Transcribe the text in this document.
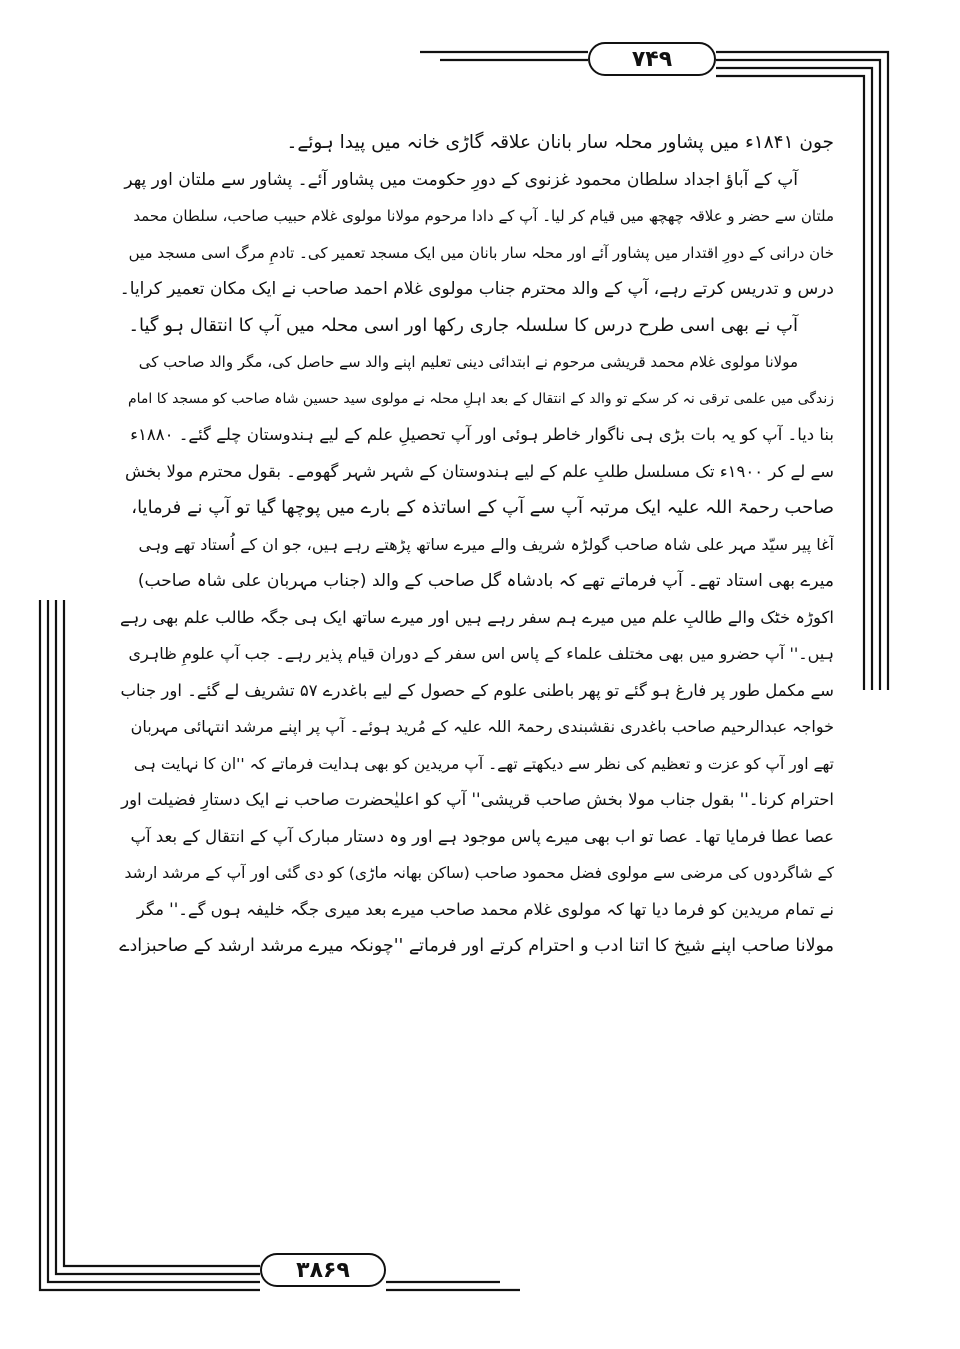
۷۴۹
۳۸۶۹
جون ۱۸۴۱ء میں پشاور محلہ سار بانان علاقہ گاڑی خانہ میں پیدا ہوئے۔
آپ کے آباؤ اجداد سلطان محمود غزنوی کے دورِ حکومت میں پشاور آئے۔ پشاور سے ملتان اور پھر
ملتان سے حضر و علاقہ چھچھ میں قیام کر لیا۔ آپ کے دادا مرحوم مولانا مولوی غلام حبیب صاحب، سلطان محمد
خان درانی کے دورِ اقتدار میں پشاور آئے اور محلہ سار بانان میں ایک مسجد تعمیر کی۔ تادمِ مرگ اسی مسجد میں
درس و تدریس کرتے رہے، آپ کے والد محترم جناب مولوی غلام احمد صاحب نے ایک مکان تعمیر کرایا۔
آپ نے بھی اسی طرح درس کا سلسلہ جاری رکھا اور اسی محلہ میں آپ کا انتقال ہو گیا۔
مولانا مولوی غلام محمد قریشی مرحوم نے ابتدائی دینی تعلیم اپنے والد سے حاصل کی، مگر والد صاحب کی
زندگی میں علمی ترقی نہ کر سکے تو والد کے انتقال کے بعد اہلِ محلہ نے مولوی سید حسین شاہ صاحب کو مسجد کا امام
بنا دیا۔ آپ کو یہ بات بڑی ہی ناگوار خاطر ہوئی اور آپ تحصیلِ علم کے لیے ہندوستان چلے گئے۔ ۱۸۸۰ء
سے لے کر ۱۹۰۰ء تک مسلسل طلبِ علم کے لیے ہندوستان کے شہر شہر گھومے۔ بقول محترم مولا بخش
صاحب رحمۃ اللہ علیہ ایک مرتبہ آپ سے آپ کے اساتذہ کے بارے میں پوچھا گیا تو آپ نے فرمایا،
آغا پیر سیّد مہر علی شاہ صاحب گولڑہ شریف والے میرے ساتھ پڑھتے رہے ہیں، جو ان کے اُستاد تھے وہی
میرے بھی استاد تھے۔ آپ فرماتے تھے کہ بادشاہ گل صاحب کے والد (جناب مہربان علی شاہ صاحب)
اکوڑہ خٹک والے طالبِ علم میں میرے ہم سفر رہے ہیں اور میرے ساتھ ایک ہی جگہ طالب علم بھی رہے
ہیں۔'' آپ حضرو میں بھی مختلف علماء کے پاس اس سفر کے دوران قیام پذیر رہے۔ جب آپ علومِ ظاہری
سے مکمل طور پر فارغ ہو گئے تو پھر باطنی علوم کے حصول کے لیے باغدرے ۵۷ تشریف لے گئے۔ اور جناب
خواجہ عبدالرحیم صاحب باغدری نقشبندی رحمۃ اللہ علیہ کے مُرید ہوئے۔ آپ پر اپنے مرشد انتہائی مہربان
تھے اور آپ کو عزت و تعظیم کی نظر سے دیکھتے تھے۔ آپ مریدین کو بھی ہدایت فرماتے کہ ''ان کا نہایت ہی
احترام کرنا۔'' بقول جناب مولا بخش صاحب قریشی'' آپ کو اعلیٰحضرت صاحب نے ایک دستارِ فضیلت اور
عصا عطا فرمایا تھا۔ عصا تو اب بھی میرے پاس موجود ہے اور وہ دستار مبارک آپ کے انتقال کے بعد آپ
کے شاگردوں کی مرضی سے مولوی فضل محمود صاحب (ساکن بھانہ ماڑی) کو دی گئی اور آپ کے مرشد ارشد
نے تمام مریدین کو فرما دیا تھا کہ مولوی غلام محمد صاحب میرے بعد میری جگہ خلیفہ ہوں گے۔'' مگر
مولانا صاحب اپنے شیخ کا اتنا ادب و احترام کرتے اور فرماتے ''چونکہ میرے مرشد ارشد کے صاحبزادے
